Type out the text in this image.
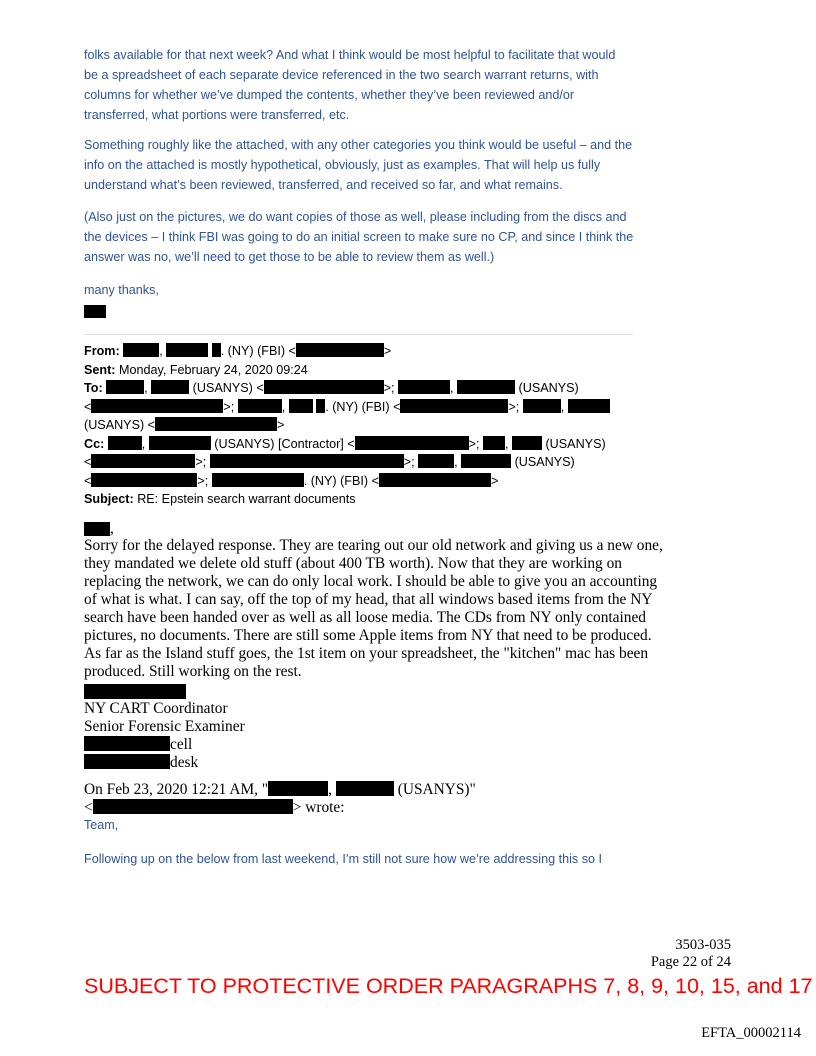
folks available for that next week? And what I think would be most helpful to facilitate that would

be a spreadsheet of each separate device referenced in the two search warrant returns, with

columns for whether we’ve dumped the contents, whether they’ve been reviewed and/or

transferred, what portions were transferred, etc.

Something roughly like the attached, with any other categories you think would be useful – and the

info on the attached is mostly hypothetical, obviously, just as examples. That will help us fully

understand what’s been reviewed, transferred, and received so far, and what remains.

(Also just on the pictures, we do want copies of those as well, please including from the discs and

the devices – I think FBI was going to do an initial screen to make sure no CP, and since I think the

answer was no, we’ll need to get those to be able to review them as well.)

many thanks,
From:	,	. (NY) (FBI) <	>
Sent: Monday, February 24, 2020 09:24
To:	,	(USANYS) <	>;	,	(USANYS)
<	>;	,	. (NY) (FBI) <	>;	,
(USANYS) <	>
Cc:	,	(USANYS) [Contractor] <	>; ,  (USANYS)
<	>;	>;	,	(USANYS)
<	>;	. (NY) (FBI) <	>
Subject: RE: Epstein search warrant documents
,

Sorry for the delayed response. They are tearing out our old network and giving us a new one,

they mandated we delete old stuff (about 400 TB worth). Now that they are working on

replacing the network, we can do only local work. I should be able to give you an accounting

of what is what. I can say, off the top of my head, that all windows based items from the NY

search have been handed over as well as all loose media. The CDs from NY only contained

pictures, no documents. There are still some Apple items from NY that need to be produced.

As far as the Island stuff goes, the 1st item on your spreadsheet, the "kitchen" mac has been

produced. Still working on the rest.

NY CART Coordinator

Senior Forensic Examiner

cell

desk

On Feb 23, 2020 12:21 AM, "	,	(USANYS)"

<	> wrote:

Team,
Following up on the below from last weekend, I’m still not sure how we’re addressing this so I

3503-035

Page 22 of 24

SUBJECT TO PROTECTIVE ORDER PARAGRAPHS 7, 8, 9, 10, 15, and 17
EFTA_00002114
